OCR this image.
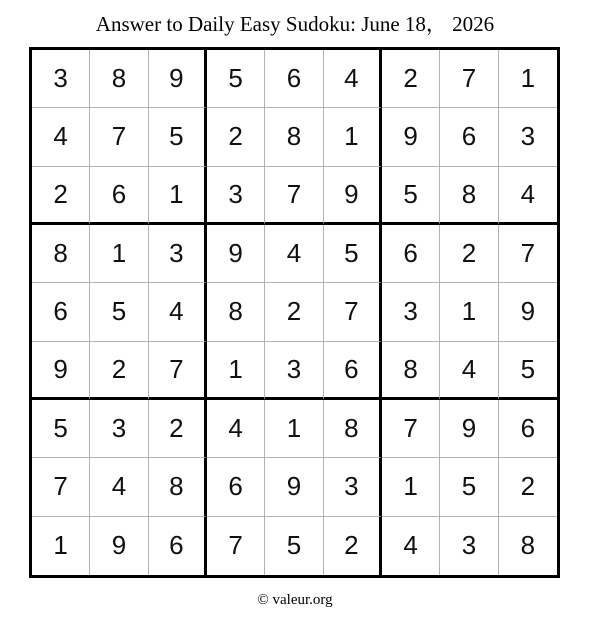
Answer to Daily Easy Sudoku: June 18， 2026
3	8	9	5	6	4	2	7	1
4	7	5	2	8	1	9	6	3
2	6	1	3	7	9	5	8	4
8	1	3	9	4	5	6	2	7
6	5	4	8	2	7	3	1	9
9	2	7	1	3	6	8	4	5
5	3	2	4	1	8	7	9	6
7	4	8	6	9	3	1	5	2
1	9	6	7	5	2	4	3	8
© valeur.org
